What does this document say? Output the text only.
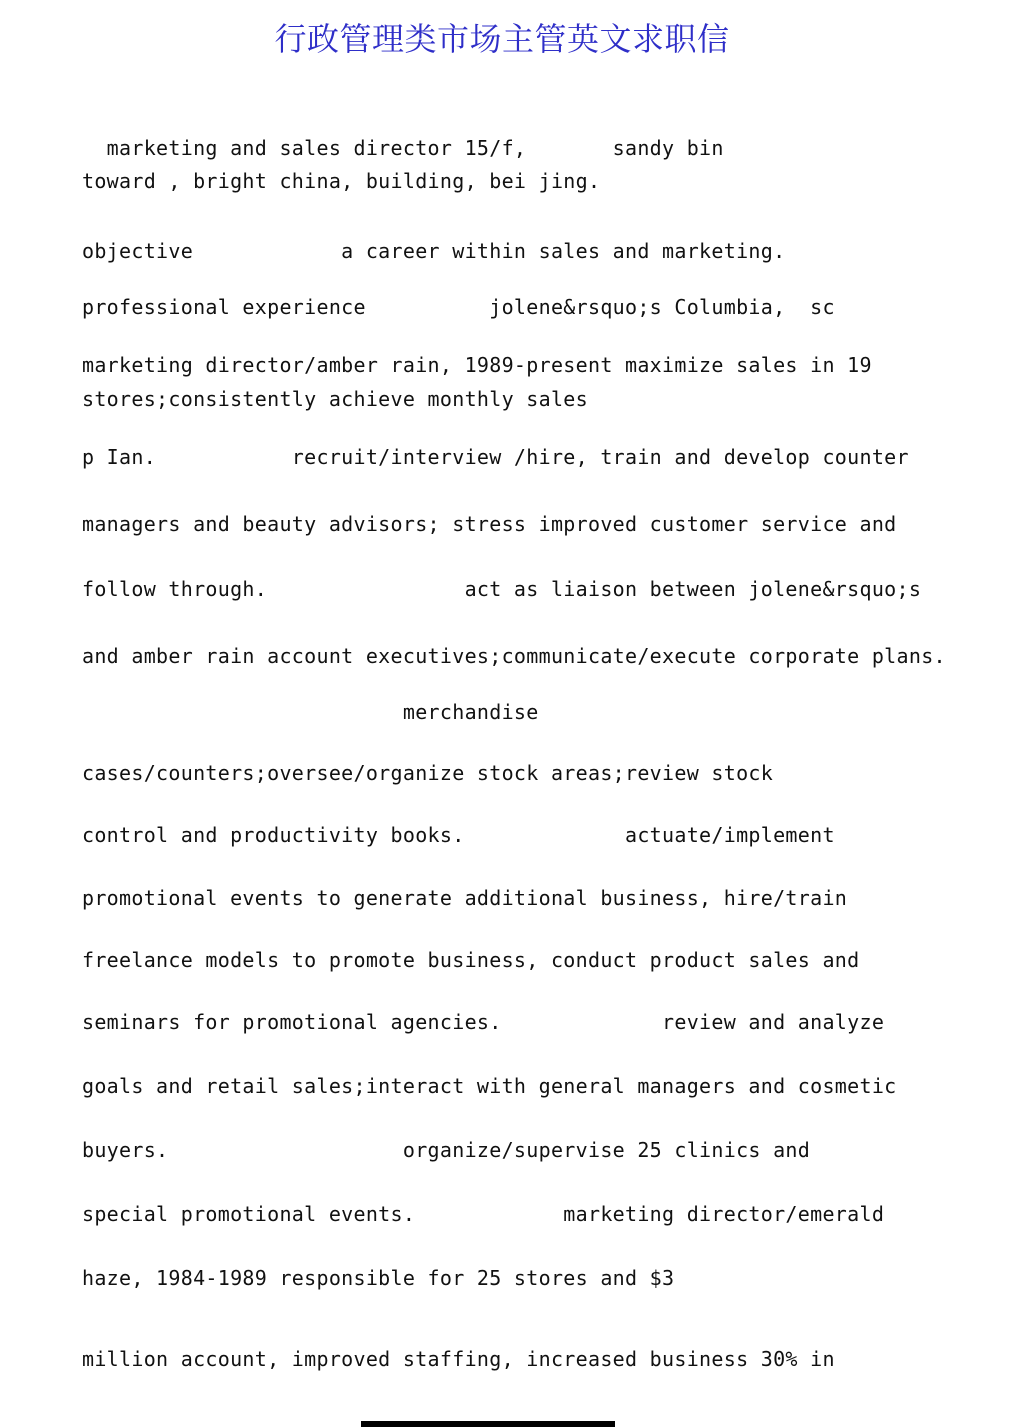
行政管理类市场主管英文求职信
marketing and sales director 15/f,       sandy bin
toward , bright china, building, bei jing.
objective            a career within sales and marketing.
professional experience          jolene&rsquo;s Columbia,  sc
marketing director/amber rain, 1989-present maximize sales in 19
stores;consistently achieve monthly sales
p Ian.           recruit/interview /hire, train and develop counter
managers and beauty advisors; stress improved customer service and
follow through.                act as liaison between jolene&rsquo;s
and amber rain account executives;communicate/execute corporate plans.
merchandise
cases/counters;oversee/organize stock areas;review stock
control and productivity books.             actuate/implement
promotional events to generate additional business, hire/train
freelance models to promote business, conduct product sales and
seminars for promotional agencies.             review and analyze
goals and retail sales;interact with general managers and cosmetic
buyers.                   organize/supervise 25 clinics and
special promotional events.            marketing director/emerald
haze, 1984-1989 responsible for 25 stores and $3
million account, improved staffing, increased business 30% in
